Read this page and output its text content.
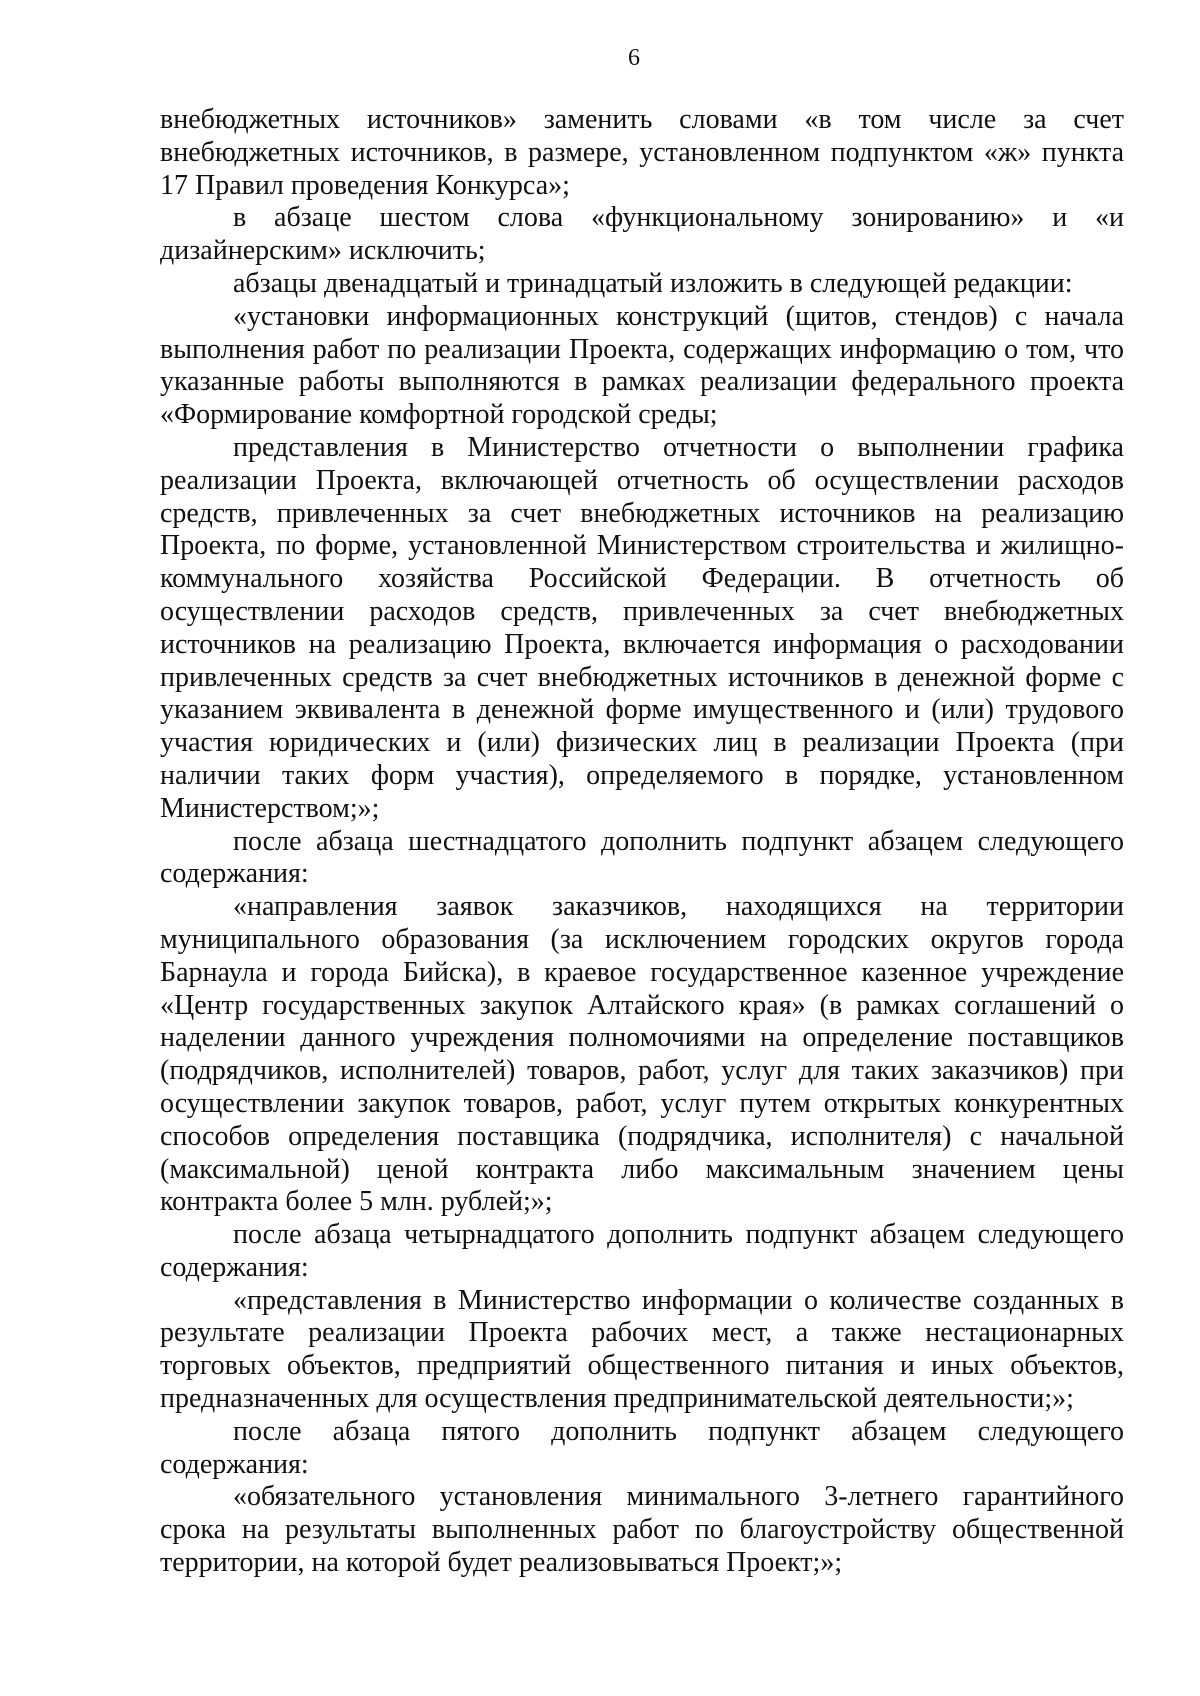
6

внебюджетных источников» заменить словами «в том числе за счет внебюджетных источников, в размере, установленном подпунктом «ж» пункта 17 Правил проведения Конкурса»;

в абзаце шестом слова «функциональному зонированию» и «и дизайнерским» исключить;

абзацы двенадцатый и тринадцатый изложить в следующей редакции:

«установки информационных конструкций (щитов, стендов) с начала выполнения работ по реализации Проекта, содержащих информацию о том, что указанные работы выполняются в рамках реализации федерального проекта «Формирование комфортной городской среды;

представления в Министерство отчетности о выполнении графика реализации Проекта, включающей отчетность об осуществлении расходов средств, привлеченных за счет внебюджетных источников на реализацию Проекта, по форме, установленной Министерством строительства и жилищно-коммунального хозяйства Российской Федерации. В отчетность об осуществлении расходов средств, привлеченных за счет внебюджетных источников на реализацию Проекта, включается информация о расходовании привлеченных средств за счет внебюджетных источников в денежной форме с указанием эквивалента в денежной форме имущественного и (или) трудового участия юридических и (или) физических лиц в реализации Проекта (при наличии таких форм участия), определяемого в порядке, установленном Министерством;»;

после абзаца шестнадцатого дополнить подпункт абзацем следующего содержания:

«направления заявок заказчиков, находящихся на территории муниципального образования (за исключением городских округов города Барнаула и города Бийска), в краевое государственное казенное учреждение «Центр государственных закупок Алтайского края» (в рамках соглашений о наделении данного учреждения полномочиями на определение поставщиков (подрядчиков, исполнителей) товаров, работ, услуг для таких заказчиков) при осуществлении закупок товаров, работ, услуг путем открытых конкурентных способов определения поставщика (подрядчика, исполнителя) с начальной (максимальной) ценой контракта либо максимальным значением цены контракта более 5 млн. рублей;»;

после абзаца четырнадцатого дополнить подпункт абзацем следующего содержания:

«представления в Министерство информации о количестве созданных в результате реализации Проекта рабочих мест, а также нестационарных торговых объектов, предприятий общественного питания и иных объектов, предназначенных для осуществления предпринимательской деятельности;»;

после абзаца пятого дополнить подпункт абзацем следующего содержания:

«обязательного установления минимального 3-летнего гарантийного срока на результаты выполненных работ по благоустройству общественной территории, на которой будет реализовываться Проект;»;
